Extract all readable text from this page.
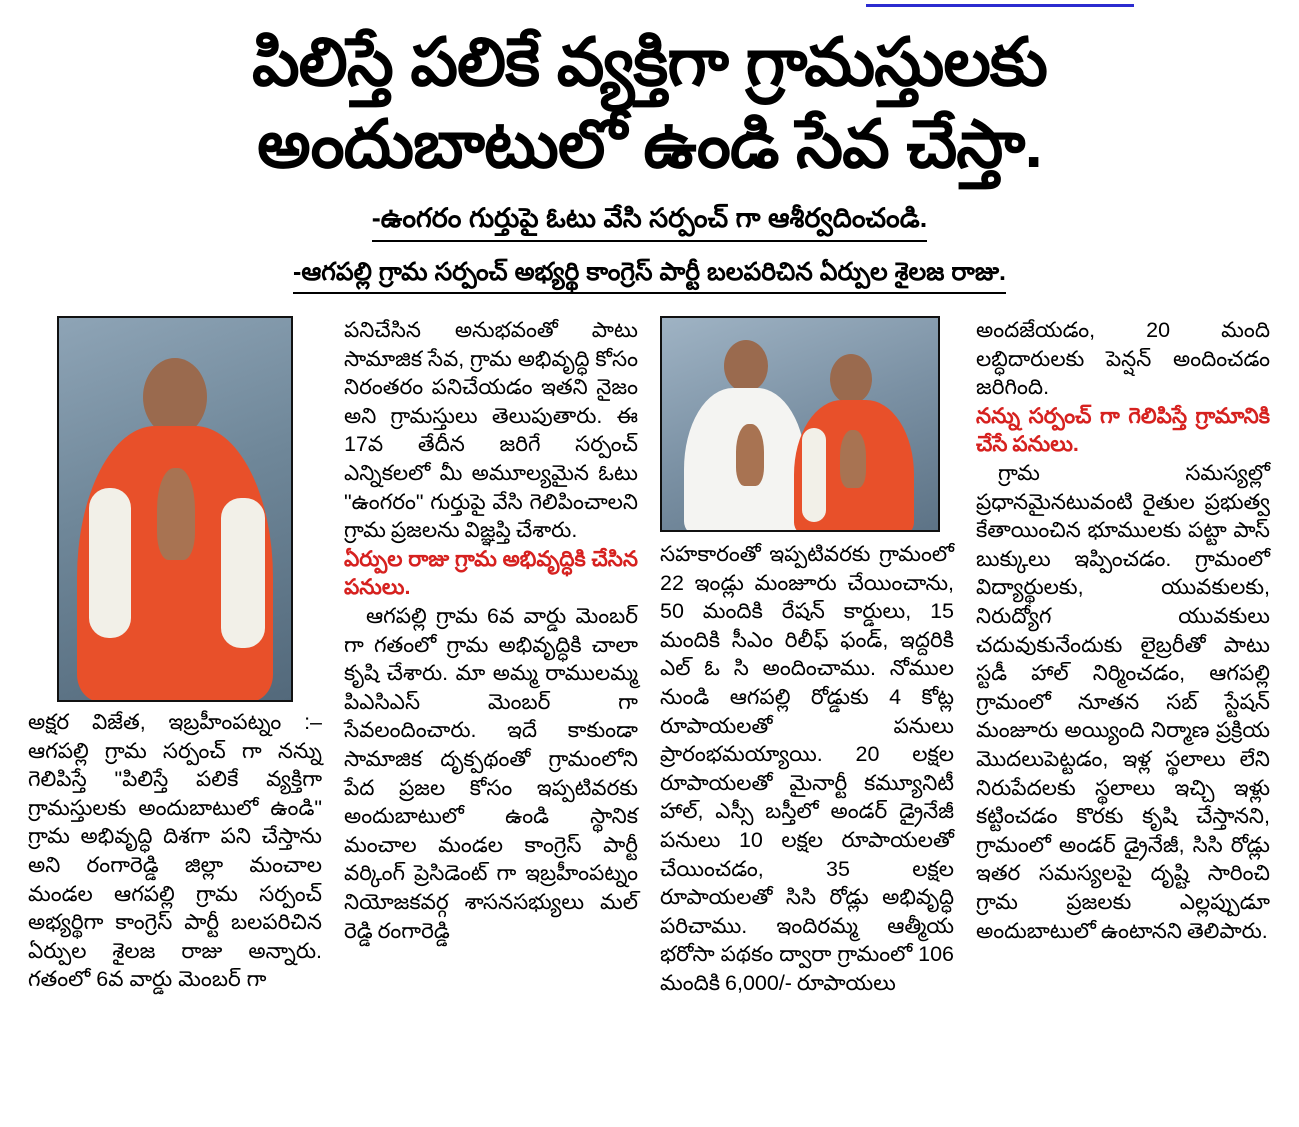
పిలిస్తే పలికే వ్యక్తిగా గ్రామస్తులకు
అందుబాటులో ఉండి సేవ చేస్తా.
-ఉంగరం గుర్తుపై ఓటు వేసి సర్పంచ్ గా ఆశీర్వదించండి.
-ఆగపల్లి గ్రామ సర్పంచ్ అభ్యర్థి కాంగ్రెస్ పార్టీ బలపరిచిన ఏర్పుల శైలజ రాజు.

అక్షర విజేత, ఇబ్రహీంపట్నం :– ఆగపల్లి గ్రామ సర్పంచ్ గా నన్ను గెలిపిస్తే "పిలిస్తే పలికే వ్యక్తిగా గ్రామస్తులకు అందుబాటులో ఉండి" గ్రామ అభివృద్ధి దిశగా పని చేస్తాను అని రంగారెడ్డి జిల్లా మంచాల మండల ఆగపల్లి గ్రామ సర్పంచ్ అభ్యర్థిగా కాంగ్రెస్ పార్టీ బలపరిచిన ఏర్పుల శైలజ రాజు అన్నారు. గతంలో 6వ వార్డు మెంబర్ గా

పనిచేసిన అనుభవంతో పాటు సామాజిక సేవ, గ్రామ అభివృద్ధి కోసం నిరంతరం పనిచేయడం ఇతని నైజం అని గ్రామస్తులు తెలుపుతారు. ఈ 17వ తేదీన జరిగే సర్పంచ్ ఎన్నికలలో మీ అమూల్యమైన ఓటు "ఉంగరం" గుర్తుపై వేసి గెలిపించాలని గ్రామ ప్రజలను విజ్ఞప్తి చేశారు.

ఏర్పుల రాజు గ్రామ అభివృద్ధికి చేసిన పనులు.

ఆగపల్లి గ్రామ 6వ వార్డు మెంబర్ గా గతంలో గ్రామ అభివృద్ధికి చాలా కృషి చేశారు. మా అమ్మ రాములమ్మ పిఎసిఎస్ మెంబర్ గా సేవలందించారు. ఇదే కాకుండా సామాజిక దృక్పథంతో గ్రామంలోని పేద ప్రజల కోసం ఇప్పటివరకు అందుబాటులో ఉండి స్థానిక మంచాల మండల కాంగ్రెస్ పార్టీ వర్కింగ్ ప్రెసిడెంట్ గా ఇబ్రహీంపట్నం నియోజకవర్గ శాసనసభ్యులు మల్ రెడ్డి రంగారెడ్డి

సహకారంతో ఇప్పటివరకు గ్రామంలో 22 ఇండ్లు మంజూరు చేయించాను, 50 మందికి రేషన్ కార్డులు, 15 మందికి సీఎం రిలీఫ్ ఫండ్, ఇద్దరికి ఎల్ ఓ సి అందించాము. నోముల నుండి ఆగపల్లి రోడ్డుకు 4 కోట్ల రూపాయలతో పనులు ప్రారంభమయ్యాయి. 20 లక్షల రూపాయలతో మైనార్టీ కమ్యూనిటీ హాల్, ఎస్సీ బస్తీలో అండర్ డ్రైనేజీ పనులు 10 లక్షల రూపాయలతో చేయించడం, 35 లక్షల రూపాయలతో సిసి రోడ్లు అభివృద్ధి పరిచాము. ఇందిరమ్మ ఆత్మీయ భరోసా పథకం ద్వారా గ్రామంలో 106 మందికి 6,000/- రూపాయలు

అందజేయడం, 20 మంది లబ్ధిదారులకు పెన్షన్ అందించడం జరిగింది.

నన్ను సర్పంచ్ గా గెలిపిస్తే గ్రామానికి చేసే పనులు.

గ్రామ సమస్యల్లో ప్రధానమైనటువంటి రైతుల ప్రభుత్వ కేతాయించిన భూములకు పట్టా పాస్ బుక్కులు ఇప్పించడం. గ్రామంలో విద్యార్థులకు, యువకులకు, నిరుద్యోగ యువకులు చదువుకునేందుకు లైబ్రరీతో పాటు స్టడీ హాల్ నిర్మించడం, ఆగపల్లి గ్రామంలో నూతన సబ్ స్టేషన్ మంజూరు అయ్యింది నిర్మాణ ప్రక్రియ మొదలుపెట్టడం, ఇళ్ల స్థలాలు లేని నిరుపేదలకు స్థలాలు ఇచ్చి ఇళ్లు కట్టించడం కొరకు కృషి చేస్తానని, గ్రామంలో అండర్ డ్రైనేజీ, సిసి రోడ్లు ఇతర సమస్యలపై దృష్టి సారించి గ్రామ ప్రజలకు ఎల్లప్పుడూ అందుబాటులో ఉంటానని తెలిపారు.
